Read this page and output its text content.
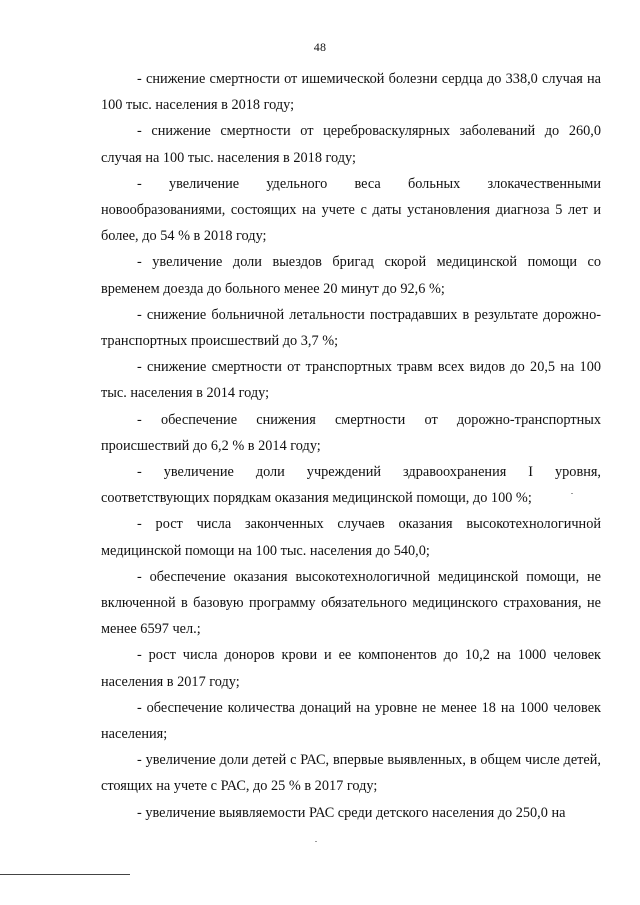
48

- снижение смертности от ишемической болезни сердца до 338,0 случая на 100 тыс. населения в 2018 году;

- снижение смертности от цереброваскулярных заболеваний до 260,0 случая на 100 тыс. населения в 2018 году;

- увеличение удельного веса больных злокачественными новообразованиями, состоящих на учете с даты установления диагноза 5 лет и более, до 54 % в 2018 году;

- увеличение доли выездов бригад скорой медицинской помощи со временем доезда до больного менее 20 минут до 92,6 %;

- снижение больничной летальности пострадавших в результате дорожно-транспортных происшествий до 3,7 %;

- снижение смертности от транспортных травм всех видов до 20,5 на 100 тыс. населения в 2014 году;

- обеспечение снижения смертности от дорожно-транспортных происшествий до 6,2 % в 2014 году;

- увеличение доли учреждений здравоохранения I уровня, соответствующих порядкам оказания медицинской помощи, до 100 %;

- рост числа законченных случаев оказания высокотехнологичной медицинской помощи на 100 тыс. населения до 540,0;

- обеспечение оказания высокотехнологичной медицинской помощи, не включенной в базовую программу обязательного медицинского страхования, не менее 6597 чел.;

- рост числа доноров крови и ее компонентов до 10,2 на 1000 человек населения в 2017 году;

- обеспечение количества донаций на уровне не менее 18 на 1000 человек населения;

- увеличение доли детей с РАС, впервые выявленных, в общем числе детей, стоящих на учете с РАС, до 25 % в 2017 году;

- увеличение выявляемости РАС среди детского населения до 250,0 на
